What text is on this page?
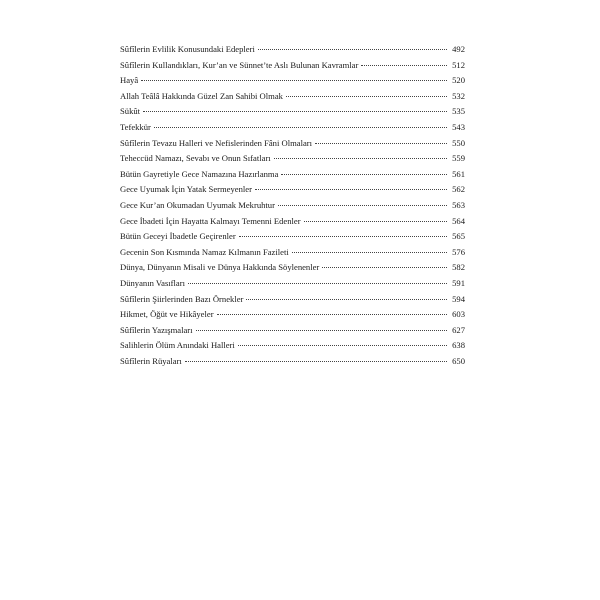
Sûfîlerin Evlilik Konusundaki Edepleri	492
Sûfîlerin Kullandıkları, Kur’an ve Sünnet’te Aslı Bulunan Kavramlar	512
Hayâ	520
Allah Teâlâ Hakkında Güzel Zan Sahibi Olmak	532
Sükût	535
Tefekkür	543
Sûfîlerin Tevazu Halleri ve Nefislerinden Fâni Olmaları	550
Teheccüd Namazı, Sevabı ve Onun Sıfatları	559
Bütün Gayretiyle Gece Namazına Hazırlanma	561
Gece Uyumak İçin Yatak Sermeyenler	562
Gece Kur’an Okumadan Uyumak Mekruhtur	563
Gece İbadeti İçin Hayatta Kalmayı Temenni Edenler	564
Bütün Geceyi İbadetle Geçirenler	565
Gecenin Son Kısmında Namaz Kılmanın Fazileti	576
Dünya, Dünyanın Misali ve Dünya Hakkında Söylenenler	582
Dünyanın Vasıfları	591
Sûfîlerin Şiirlerinden Bazı Örnekler	594
Hikmet, Öğüt ve Hikâyeler	603
Sûfîlerin Yazışmaları	627
Salihlerin Ölüm Anındaki Halleri	638
Sûfîlerin Rüyaları	650
